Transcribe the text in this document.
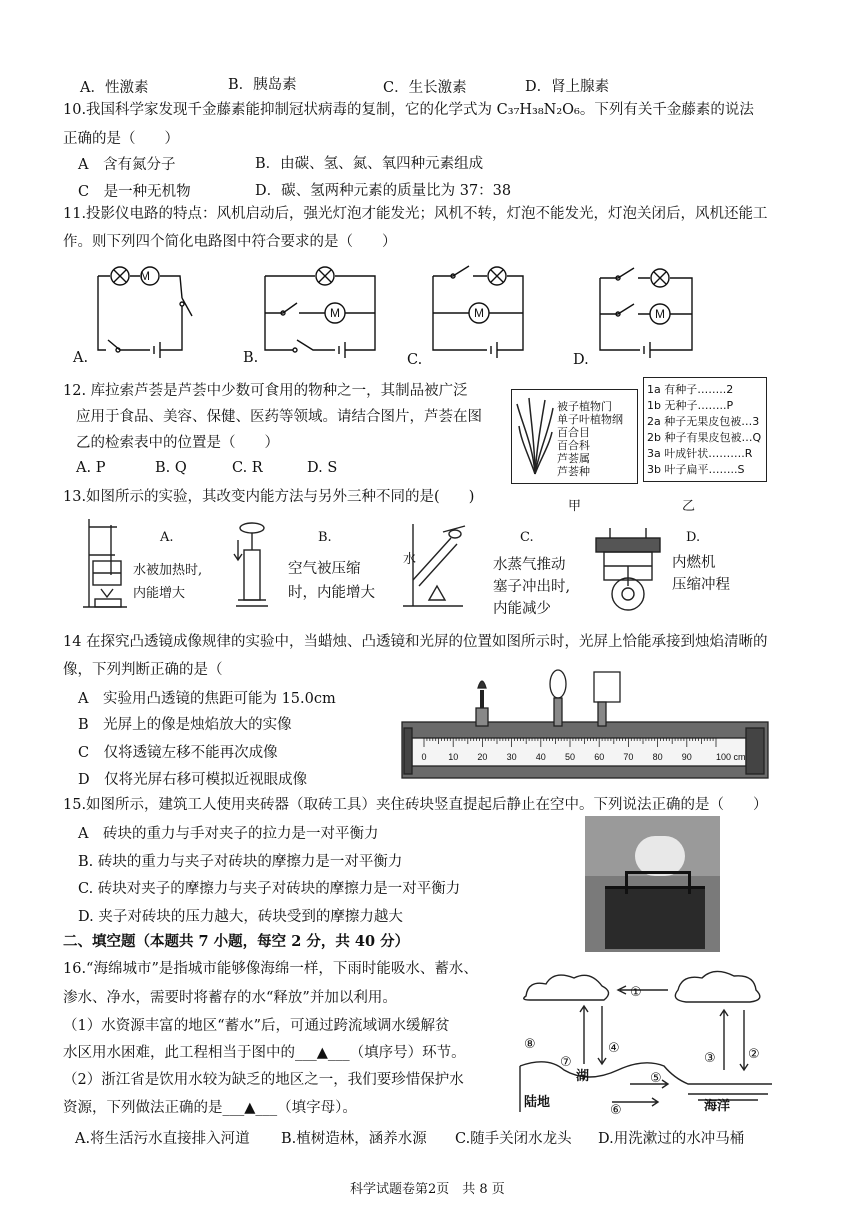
A．性激素	B．胰岛素	C．生长激素	D．肾上腺素
10.我国科学家发现千金藤素能抑制冠状病毒的复制，它的化学式为 C₃₇H₃₈N₂O₆。下列有关千金藤素的说法
正确的是（　　）
A　含有氮分子	B．由碳、氢、氮、氧四种元素组成
C　是一种无机物	D．碳、氢两种元素的质量比为 37：38
11.投影仪电路的特点：风机启动后，强光灯泡才能发光；风机不转，灯泡不能发光，灯泡关闭后，风机还能工
作。则下列四个简化电路图中符合要求的是（　　）
M
M	M	M
A.	B.	C.	D.
12. 库拉索芦荟是芦荟中少数可食用的物种之一，其制品被广泛
应用于食品、美容、保健、医药等领域。请结合图片，芦荟在图
乙的检索表中的位置是（　　）
A. P	B. Q	C. R	D. S
被子植物门
单子叶植物纲
百合目
百合科
芦荟属
芦荟种
1a 有种子……..2
1b 无种子……..P
2a 种子无果皮包被…3
2b 种子有果皮包被…Q
3a 叶成针状……….R
3b 叶子扁平……..S
甲	乙
13.如图所示的实验，其改变内能方法与另外三种不同的是(　　)
A.
水被加热时,
内能增大
B.
空气被压缩
时，内能增大
水
C.
水蒸气推动
塞子冲出时,
内能减少
D.
内燃机
压缩冲程
14 在探究凸透镜成像规律的实验中，当蜡烛、凸透镜和光屏的位置如图所示时，光屏上恰能承接到烛焰清晰的
像，下列判断正确的是（
A　实验用凸透镜的焦距可能为 15.0cm
B　光屏上的像是烛焰放大的实像
C　仅将透镜左移不能再次成像
D　仅将光屏右移可模拟近视眼成像
0 10 20 30 40 50 60 70 80 90	100 cm
15.如图所示，建筑工人使用夹砖器（取砖工具）夹住砖块竖直提起后静止在空中。下列说法正确的是（　　）
A　砖块的重力与手对夹子的拉力是一对平衡力
B. 砖块的重力与夹子对砖块的摩擦力是一对平衡力
C. 砖块对夹子的摩擦力与夹子对砖块的摩擦力是一对平衡力
D. 夹子对砖块的压力越大，砖块受到的摩擦力越大
二、填空题（本题共 7 小题，每空 2 分，共 40 分）
16.“海绵城市”是指城市能够像海绵一样，下雨时能吸水、蓄水、
渗水、净水，需要时将蓄存的水“释放”并加以利用。
（1）水资源丰富的地区“蓄水”后，可通过跨流域调水缓解贫
水区用水困难，此工程相当于图中的___▲___（填序号）环节。
（2）浙江省是饮用水较为缺乏的地区之一，我们要珍惜保护水
资源，下列做法正确的是___▲___（填字母）。
A.将生活污水直接排入河道 B.植树造林，涵养水源 C.随手关闭水龙头 D.用洗漱过的水冲马桶
①
②
③
④
⑤
⑥
⑦
⑧
湖
陆地	海洋
科学试题卷第2页　共 8 页
